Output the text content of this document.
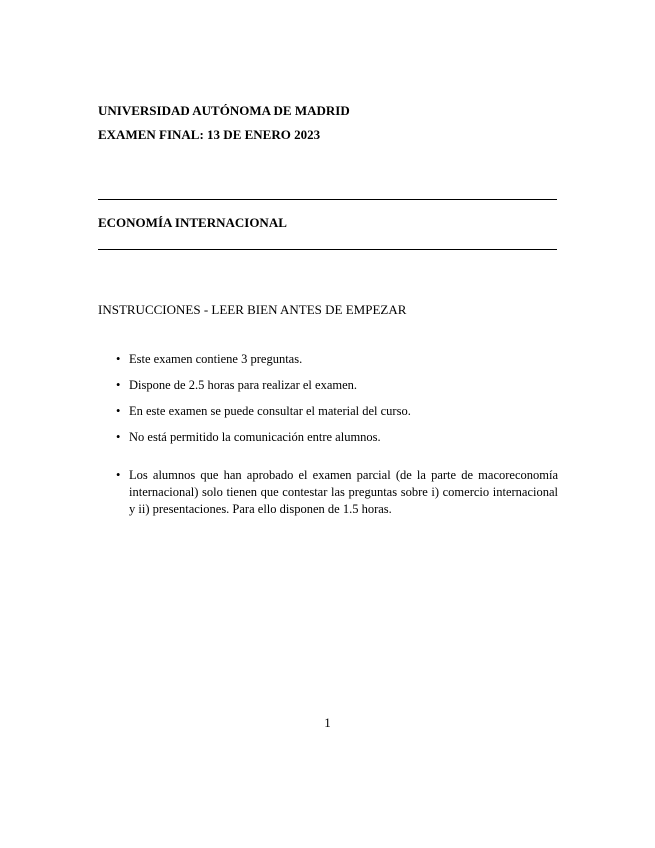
UNIVERSIDAD AUTÓNOMA DE MADRID
EXAMEN FINAL: 13 DE ENERO 2023
ECONOMÍA INTERNACIONAL
INSTRUCCIONES - LEER BIEN ANTES DE EMPEZAR
• Este examen contiene 3 preguntas.
• Dispone de 2.5 horas para realizar el examen.
• En este examen se puede consultar el material del curso.
• No está permitido la comunicación entre alumnos.
• Los alumnos que han aprobado el examen parcial (de la parte de macoreconomía internacional) solo tienen que contestar las preguntas sobre i) comercio internacional y ii) presentaciones. Para ello disponen de 1.5 horas.
1
